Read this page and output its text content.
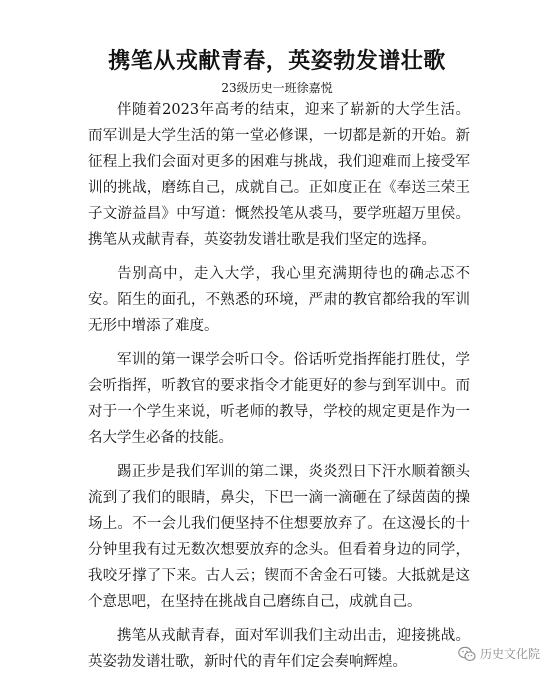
携笔从戎献青春，英姿勃发谱壮歌
23级历史一班徐嘉悦

伴随着2023年高考的结束，迎来了崭新的大学生活。而军训是大学生活的第一堂必修课，一切都是新的开始。新征程上我们会面对更多的困难与挑战，我们迎难而上接受军训的挑战，磨练自己，成就自己。正如度正在《奉送三荣王子文游益昌》中写道：慨然投笔从裘马，要学班超万里侯。携笔从戎献青春，英姿勃发谱壮歌是我们坚定的选择。

告别高中，走入大学，我心里充满期待也的确忐忑不安。陌生的面孔，不熟悉的环境，严肃的教官都给我的军训无形中增添了难度。

军训的第一课学会听口令。俗话听党指挥能打胜仗，学会听指挥，听教官的要求指令才能更好的参与到军训中。而对于一个学生来说，听老师的教导，学校的规定更是作为一名大学生必备的技能。

踢正步是我们军训的第二课，炎炎烈日下汗水顺着额头流到了我们的眼睛，鼻尖，下巴一滴一滴砸在了绿茵茵的操场上。不一会儿我们便坚持不住想要放弃了。在这漫长的十分钟里我有过无数次想要放弃的念头。但看着身边的同学，我咬牙撑了下来。古人云；锲而不舍金石可镂。大抵就是这个意思吧，在坚持在挑战自己磨练自己，成就自己。

携笔从戎献青春，面对军训我们主动出击，迎接挑战。英姿勃发谱壮歌，新时代的青年们定会奏响辉煌。	历史文化院
